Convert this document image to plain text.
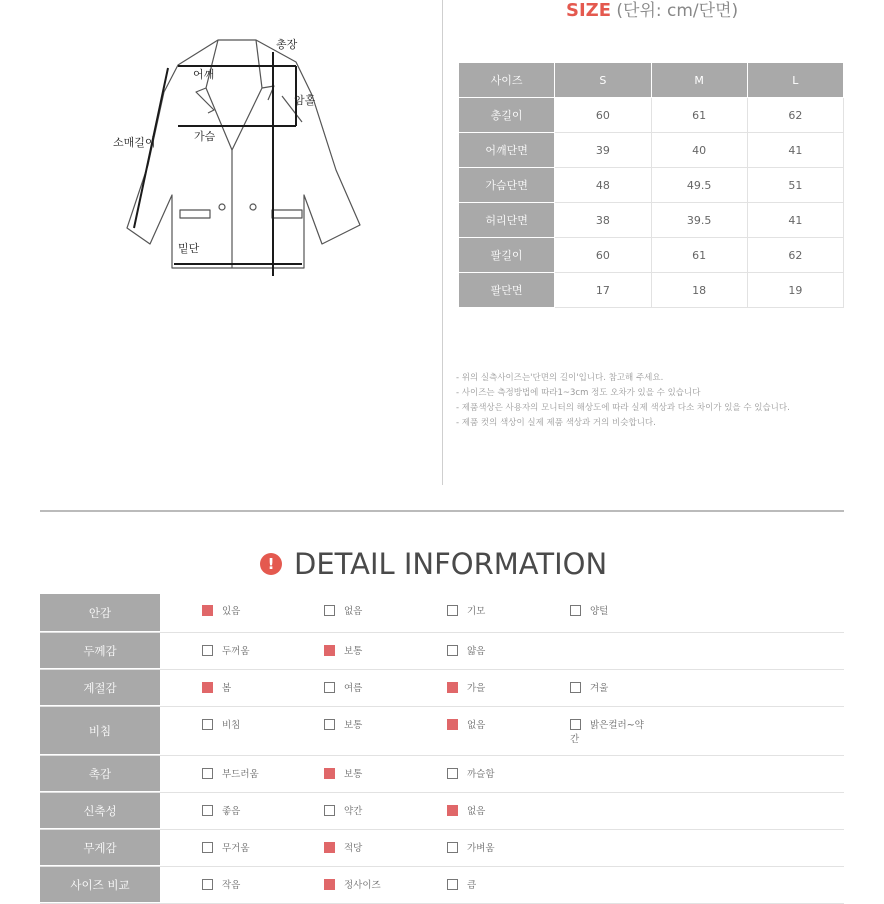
총장
어깨
암홀
소매길이	가슴
밑단
SIZE (단위: cm/단면)
사이즈	S	M	L
총길이	60	61	62
어깨단면	39	40	41
가슴단면	48	49.5	51
허리단면	38	39.5	41
팔길이	60	61	62
팔단면	17	18	19

- 위의 실측사이즈는'단면의 길이'입니다. 참고해 주세요.

- 사이즈는 측정방법에 따라1~3cm 정도 오차가 있을 수 있습니다

- 제품색상은 사용자의 모니터의 해상도에 따라 실제 색상과 다소 차이가 있을 수 있습니다.

- 제품 컷의 색상이 실제 제품 색상과 거의 비슷합니다.

! DETAIL INFORMATION
안감	있음	없음	기모	양털
두께감	두꺼움	보통	얇음
계절감	봄	여름	가을	겨울
비침	비침	보통	없음	밝은컬러~약
간
촉감	부드러움	보통	까슬함
신축성	좋음	약간	없음
무게감	무거움	적당	가벼움
사이즈 비교	작음	정사이즈	큼
